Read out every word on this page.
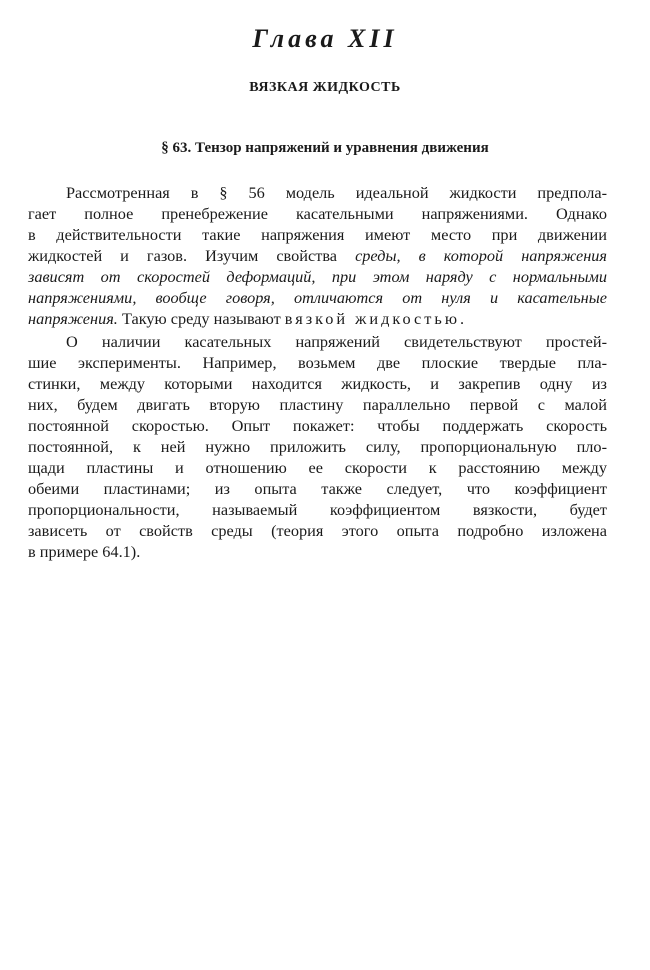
Глава XII
ВЯЗКАЯ ЖИДКОСТЬ
§ 63. Тензор напряжений и уравнения движения
Рассмотренная в § 56 модель идеальной жидкости предпола-
гает полное пренебрежение касательными напряжениями. Однако
в действительности такие напряжения имеют место при движении
жидкостей и газов. Изучим свойства среды, в которой напряжения
зависят от скоростей деформаций, при этом наряду с нормальными
напряжениями, вообще говоря, отличаются от нуля и касательные
напряжения. Такую среду называют вязкой жидкостью.
О наличии касательных напряжений свидетельствуют простей-
шие эксперименты. Например, возьмем две плоские твердые пла-
стинки, между которыми находится жидкость, и закрепив одну из
них, будем двигать вторую пластину параллельно первой с малой
постоянной скоростью. Опыт покажет: чтобы поддержать скорость
постоянной, к ней нужно приложить силу, пропорциональную пло-
щади пластины и отношению ее скорости к расстоянию между
обеими пластинами; из опыта также следует, что коэффициент
пропорциональности, называемый коэффициентом вязкости, будет
зависеть от свойств среды (теория этого опыта подробно изложена
в примере 64.1).
